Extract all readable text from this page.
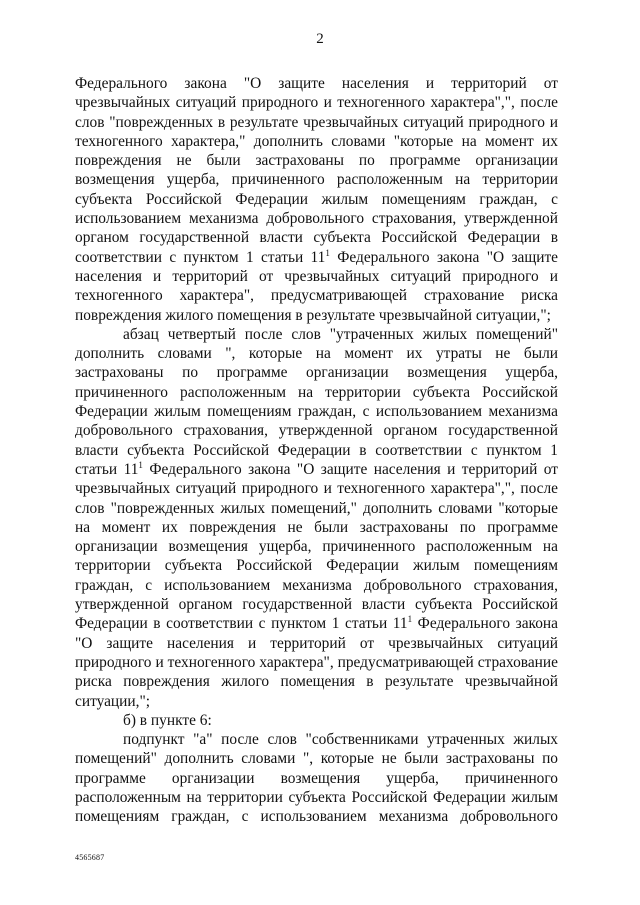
2

Федерального закона "О защите населения и территорий от чрезвычайных ситуаций природного и техногенного характера",", после слов "поврежденных в результате чрезвычайных ситуаций природного и техногенного характера," дополнить словами "которые на момент их повреждения не были застрахованы по программе организации возмещения ущерба, причиненного расположенным на территории субъекта Российской Федерации жилым помещениям граждан, с использованием механизма добровольного страхования, утвержденной органом государственной власти субъекта Российской Федерации в соответствии с пунктом 1 статьи $11^1$ Федерального закона "О защите населения и территорий от чрезвычайных ситуаций природного и техногенного характера", предусматривающей страхование риска повреждения жилого помещения в результате чрезвычайной ситуации,";

абзац четвертый после слов "утраченных жилых помещений" дополнить словами ", которые на момент их утраты не были застрахованы по программе организации возмещения ущерба, причиненного расположенным на территории субъекта Российской Федерации жилым помещениям граждан, с использованием механизма добровольного страхования, утвержденной органом государственной власти субъекта Российской Федерации в соответствии с пунктом 1 статьи $11^1$ Федерального закона "О защите населения и территорий от чрезвычайных ситуаций природного и техногенного характера",", после слов "поврежденных жилых помещений," дополнить словами "которые на момент их повреждения не были застрахованы по программе организации возмещения ущерба, причиненного расположенным на территории субъекта Российской Федерации жилым помещениям граждан, с использованием механизма добровольного страхования, утвержденной органом государственной власти субъекта Российской Федерации в соответствии с пунктом 1 статьи $11^1$ Федерального закона "О защите населения и территорий от чрезвычайных ситуаций природного и техногенного характера", предусматривающей страхование риска повреждения жилого помещения в результате чрезвычайной ситуации,";

б) в пункте 6:

подпункт "а" после слов "собственниками утраченных жилых помещений" дополнить словами ", которые не были застрахованы по программе организации возмещения ущерба, причиненного расположенным на территории субъекта Российской Федерации жилым помещениям граждан, с использованием механизма добровольного

4565687
